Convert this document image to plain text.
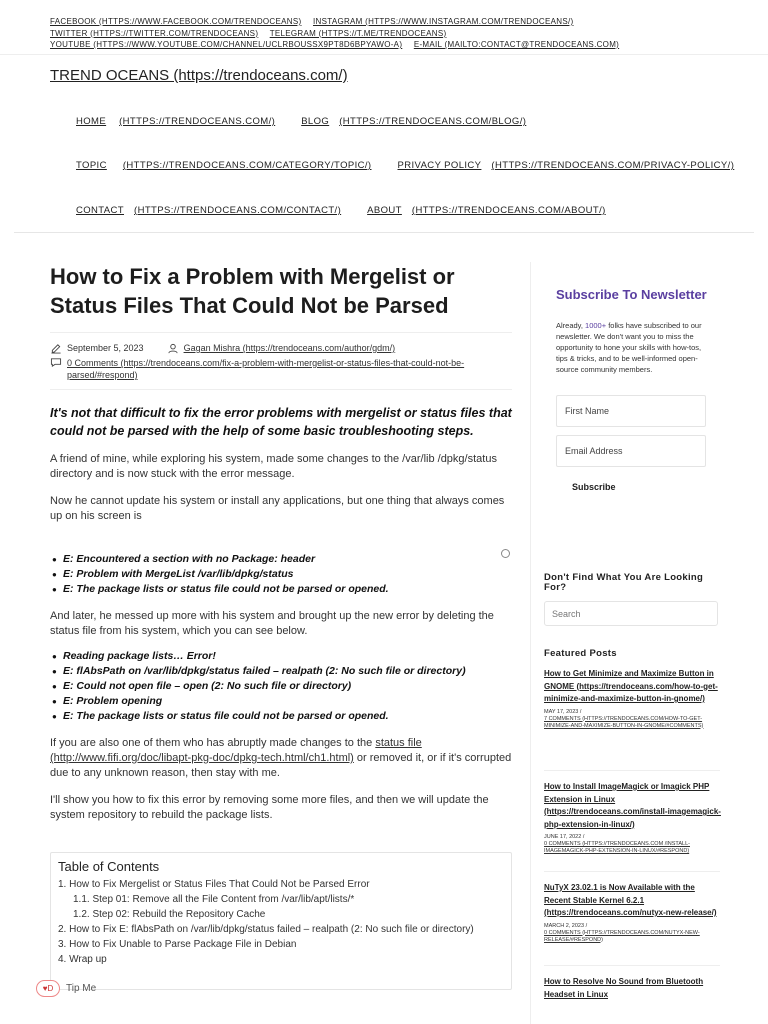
FACEBOOK (HTTPS://WWW.FACEBOOK.COM/TRENDOCEANS) INSTAGRAM (HTTPS://WWW.INSTAGRAM.COM/TRENDOCEANS/)
TWITTER (HTTPS://TWITTER.COM/TRENDOCEANS) TELEGRAM (HTTPS://T.ME/TRENDOCEANS)
YOUTUBE (HTTPS://WWW.YOUTUBE.COM/CHANNEL/UCLRBOUSSX9PT8D6BPYAWO-A) E-MAIL (MAILTO:CONTACT@TRENDOCEANS.COM)
TREND OCEANS (https://trendoceans.com/)
HOME (HTTPS://TRENDOCEANS.COM/)	BLOG (HTTPS://TRENDOCEANS.COM/BLOG/)
TOPIC (HTTPS://TRENDOCEANS.COM/CATEGORY/TOPIC/)	PRIVACY POLICY (HTTPS://TRENDOCEANS.COM/PRIVACY-POLICY/)
CONTACT (HTTPS://TRENDOCEANS.COM/CONTACT/)	ABOUT (HTTPS://TRENDOCEANS.COM/ABOUT/)
How to Fix a Problem with Mergelist or Status Files That Could Not be Parsed
September 5, 2023	Gagan Mishra (https://trendoceans.com/author/gdm/)
0 Comments (https://trendoceans.com/fix-a-problem-with-mergelist-or-status-files-that-could-not-be-parsed/#respond)

It's not that difficult to fix the error problems with mergelist or status files that could not be parsed with the help of some basic troubleshooting steps.

A friend of mine, while exploring his system, made some changes to the /var/lib /dpkg/status directory and is now stuck with the error message.

Now he cannot update his system or install any applications, but one thing that always comes up on his screen is

● E: Encountered a section with no Package: header
● E: Problem with MergeList /var/lib/dpkg/status
● E: The package lists or status file could not be parsed or opened.

And later, he messed up more with his system and brought up the new error by deleting the status file from his system, which you can see below.

● Reading package lists… Error!
● E: flAbsPath on /var/lib/dpkg/status failed – realpath (2: No such file or directory)
● E: Could not open file – open (2: No such file or directory)
● E: Problem opening
● E: The package lists or status file could not be parsed or opened.

If you are also one of them who has abruptly made changes to the status file (http://www.fifi.org/doc/libapt-pkg-doc/dpkg-tech.html/ch1.html) or removed it, or if it's corrupted due to any unknown reason, then stay with me.

I'll show you how to fix this error by removing some more files, and then we will update the system repository to rebuild the package lists.

Table of Contents
1. How to Fix Mergelist or Status Files That Could Not be Parsed Error
1.1. Step 01: Remove all the File Content from /var/lib/apt/lists/*
1.2. Step 02: Rebuild the Repository Cache
2. How to Fix E: flAbsPath on /var/lib/dpkg/status failed – realpath (2: No such file or directory)
3. How to Fix Unable to Parse Package File in Debian
4. Wrap up
♥D	Tip Me
Subscribe To Newsletter
Already, 1000+ folks have subscribed to our newsletter. We don't want you to miss the opportunity to hone your skills with how-tos, tips & tricks, and to be well-informed open-source community members.
First Name
Email Address
Subscribe
Don't Find What You Are Looking For?
Search
Featured Posts
How to Get Minimize and Maximize Button in GNOME (https://trendoceans.com/how-to-get-minimize-and-maximize-button-in-gnome/)
MAY 17, 2023 /
7 COMMENTS (HTTPS://TRENDOCEANS.COM/HOW-TO-GET-MINIMIZE-AND-MAXIMIZE-BUTTON-IN-GNOME/#COMMENTS)
How to Install ImageMagick or Imagick PHP Extension in Linux (https://trendoceans.com/install-imagemagick-php-extension-in-linux/)
JUNE 17, 2022 /
0 COMMENTS (HTTPS://TRENDOCEANS.COM /INSTALL-IMAGEMAGICK-PHP-EXTENSION-IN-LINUX/#RESPOND)
NuTyX 23.02.1 is Now Available with the Recent Stable Kernel 6.2.1 (https://trendoceans.com/nutyx-new-release/)
MARCH 2, 2023 /
0 COMMENTS (HTTPS://TRENDOCEANS.COM/NUTYX-NEW-RELEASE/#RESPOND)
How to Resolve No Sound from Bluetooth Headset in Linux
